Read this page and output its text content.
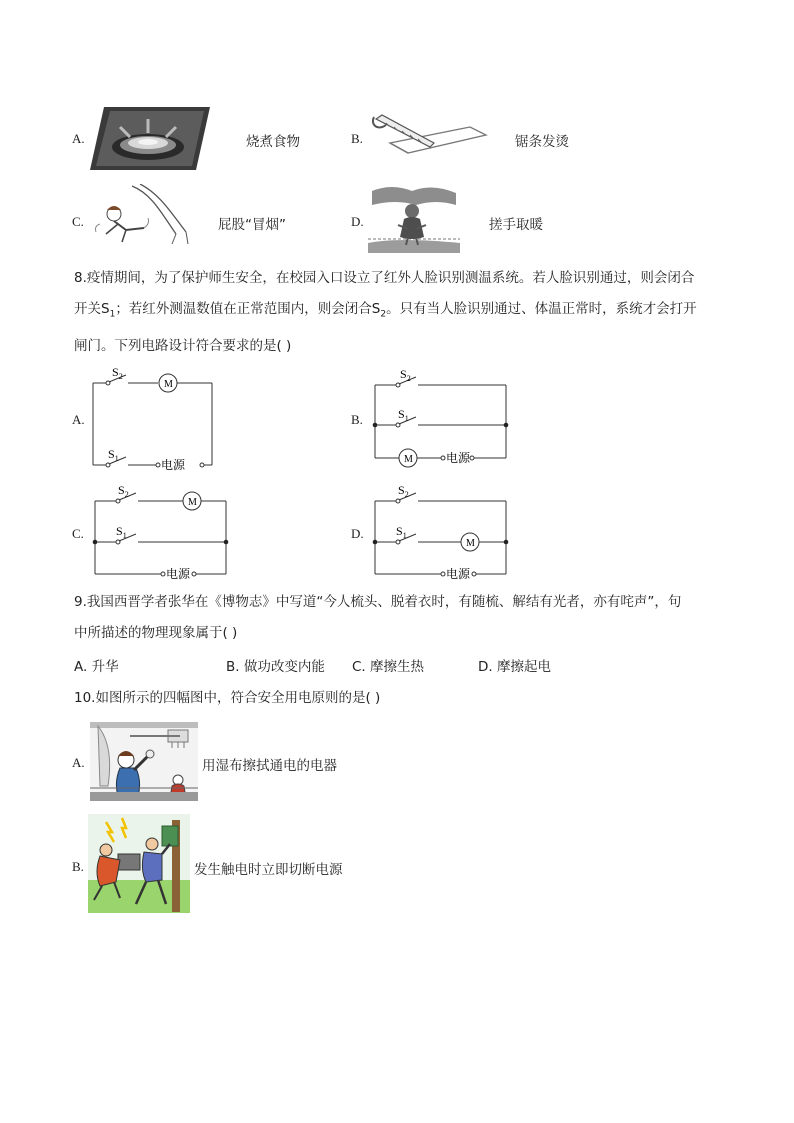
A.	烧煮食物	B.	锯条发烫
C.	屁股“冒烟”	D.	搓手取暖
8.疫情期间，为了保护师生安全，在校园入口设立了红外人脸识别测温系统。若人脸识别通过，则会闭合
开关$S_1$；若红外测温数值在正常范围内，则会闭合$S_2$。只有当人脸识别通过、体温正常时，系统才会打开
闸门。下列电路设计符合要求的是( )
A.
$S_2$
M
$S_1$	电源
B.
$S_2$
$S_1$
M	电源
C.
$S_2$
M
$S_1$
电源
D.
$S_2$
$S_1$
M
电源
9.我国西晋学者张华在《博物志》中写道“今人梳头、脱着衣时，有随梳、解结有光者，亦有咤声”，句
中所描述的物理现象属于( )
A. 升华	B. 做功改变内能 C. 摩擦生热	D. 摩擦起电
10.如图所示的四幅图中，符合安全用电原则的是( )
A.	用湿布擦拭通电的电器
B.	发生触电时立即切断电源
